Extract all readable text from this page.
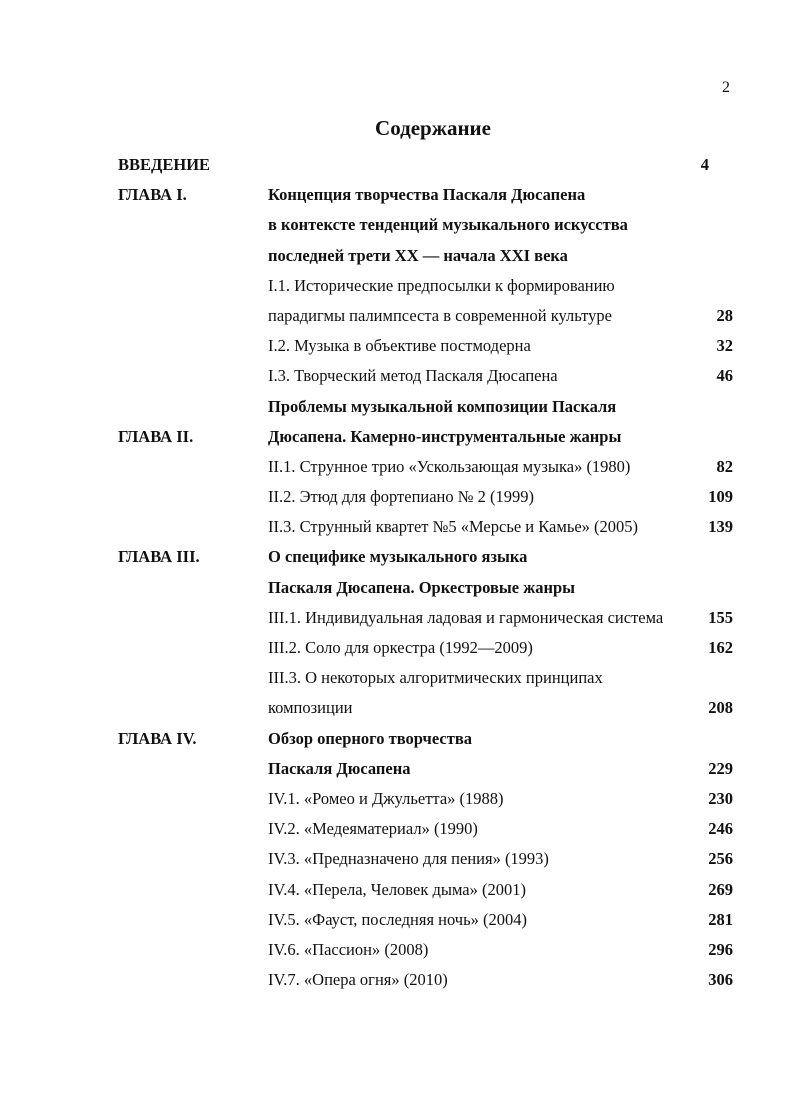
2
Содержание
ВВЕДЕНИЕ	4
ГЛАВА I.	Концепция творчества Паскаля Дюсапена
в контексте тенденций музыкального искусства
последней трети XX — начала XXI века
I.1. Исторические предпосылки к формированию
парадигмы палимпсеста в современной культуре	28
I.2. Музыка в объективе постмодерна	32
I.3. Творческий метод Паскаля Дюсапена	46
Проблемы музыкальной композиции Паскаля
ГЛАВА II.	Дюсапена. Камерно-инструментальные жанры
II.1. Струнное трио «Ускользающая музыка» (1980)	82
II.2. Этюд для фортепиано № 2 (1999)	109
II.3. Струнный квартет №5 «Мерсье и Камье» (2005)	139
ГЛАВА III.	О специфике музыкального языка
Паскаля Дюсапена. Оркестровые жанры
III.1. Индивидуальная ладовая и гармоническая система	155
III.2. Соло для оркестра (1992—2009)	162
III.3. О некоторых алгоритмических принципах
композиции	208
ГЛАВА IV.	Обзор оперного творчества
Паскаля Дюсапена	229
IV.1. «Ромео и Джульетта» (1988)	230
IV.2. «Медеяматериал» (1990)	246
IV.3. «Предназначено для пения» (1993)	256
IV.4. «Перела, Человек дыма» (2001)	269
IV.5. «Фауст, последняя ночь» (2004)	281
IV.6. «Пассион» (2008)	296
IV.7. «Опера огня» (2010)	306
